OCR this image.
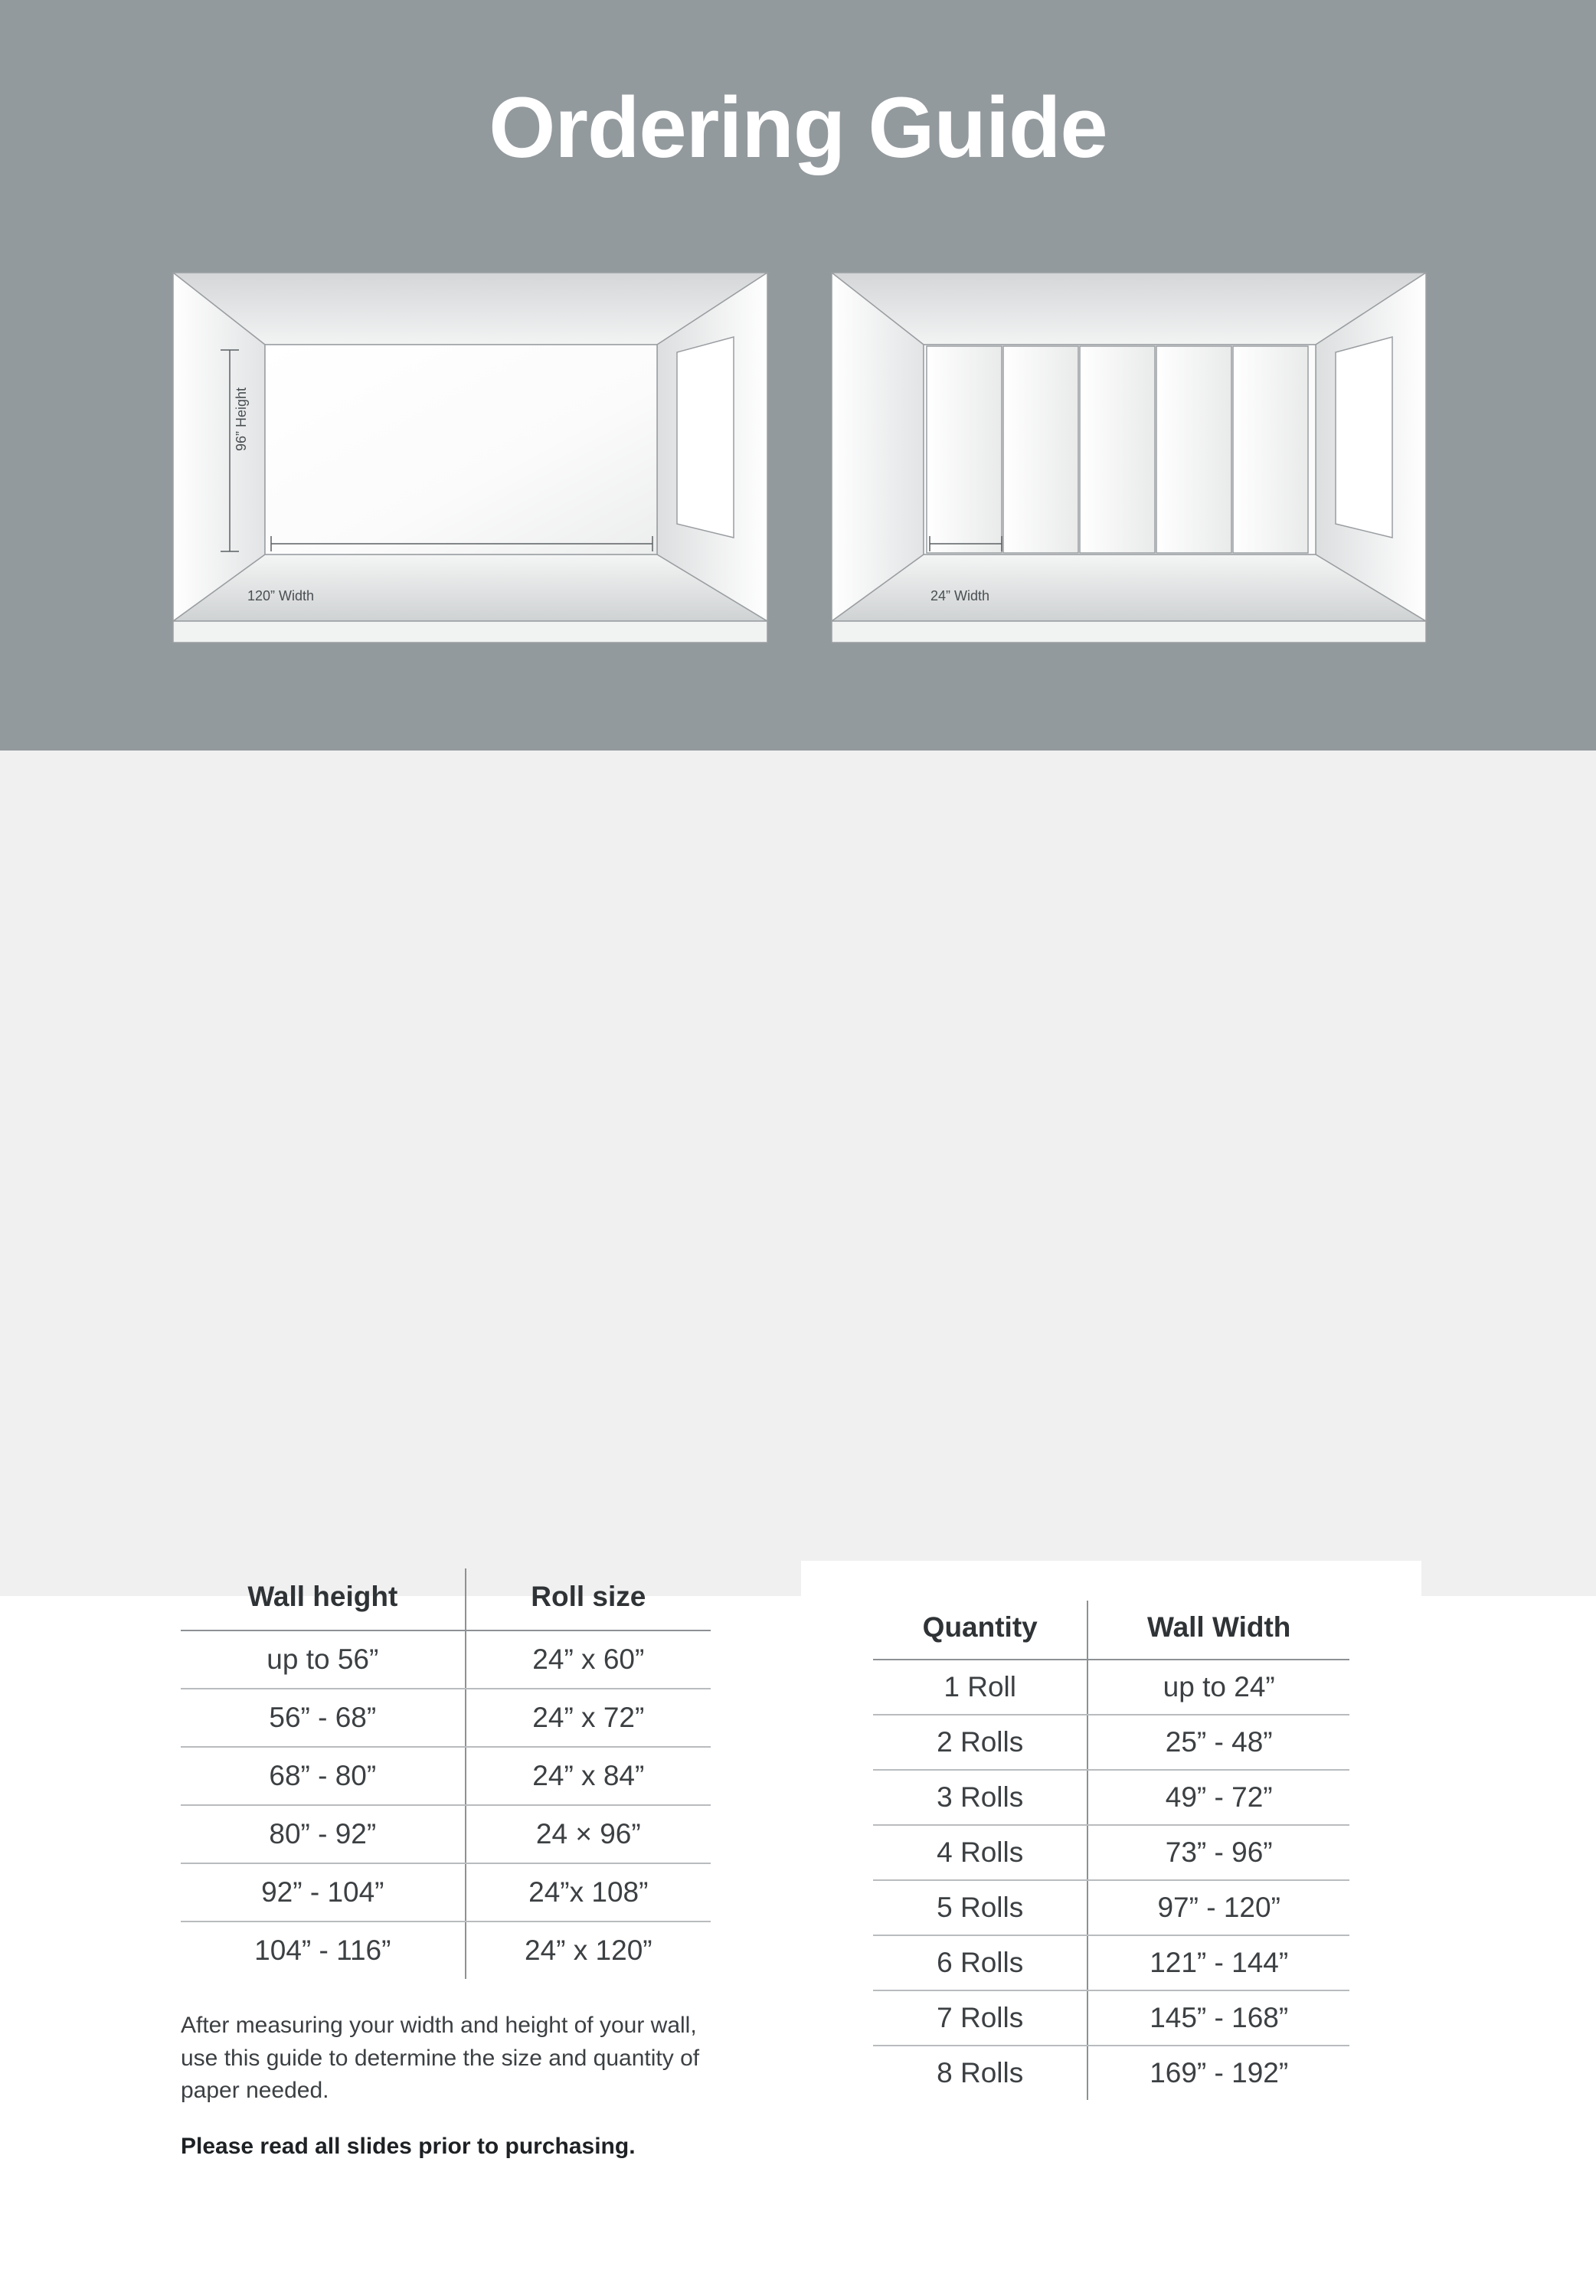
Ordering Guide
96” Height
120” Width	24” Width
Wall height	Roll size
up to 56”	24” x 60”
56” - 68”	24” x 72”
68” - 80”	24” x 84”
80” - 92”	24 × 96”
92” - 104”	24”x 108”
104” - 116”	24” x 120”
After measuring your width and height of your wall, use this guide to determine the size and quantity of paper needed.
Please read all slides prior to purchasing.
Quantity	Wall Width
1 Roll	up to 24”
2 Rolls	25” - 48”
3 Rolls	49” - 72”
4 Rolls	73” - 96”
5 Rolls	97” - 120”
6 Rolls	121” - 144”
7 Rolls	145” - 168”
8 Rolls	169” - 192”
